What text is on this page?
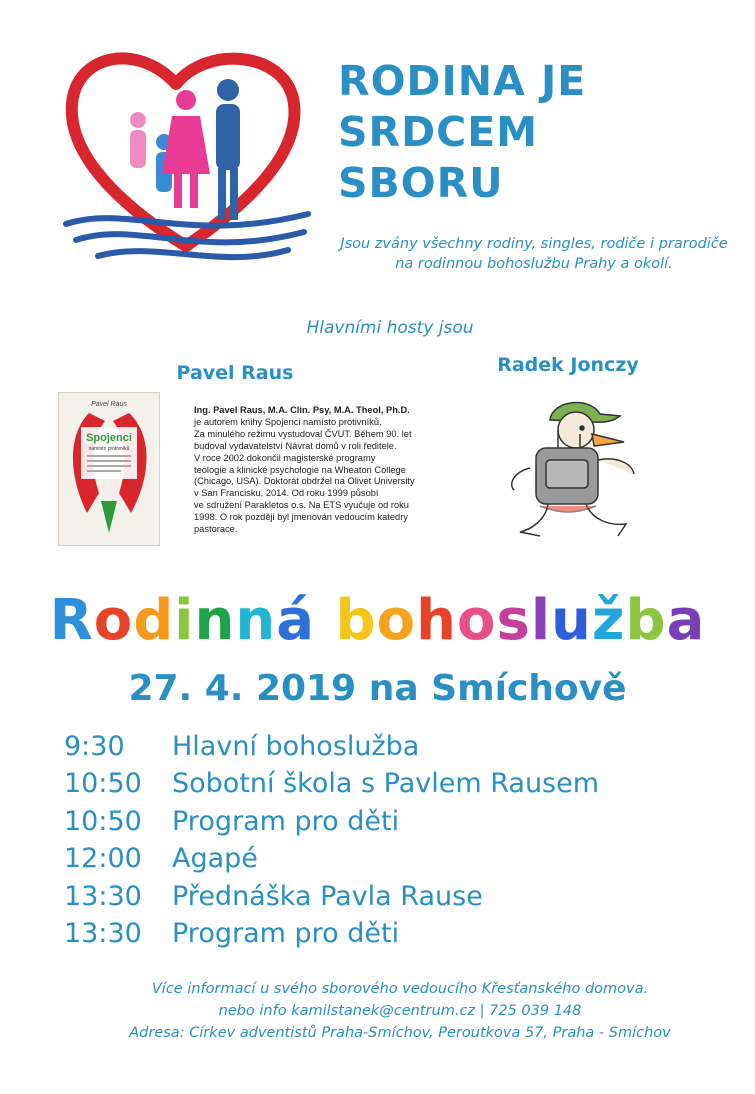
RODINA JE
SRDCEM
SBORU
Jsou zvány všechny rodiny, singles, rodiče i prarodiče
na rodinnou bohoslužbu Prahy a okolí.
Hlavními hosty jsou
Pavel Raus	Radek Jonczy
Pavel Raus
Spojenci
namísto protivníků
Ing. Pavel Raus, M.A. Clin. Psy, M.A. Theol, Ph.D.
je autorem knihy Spojenci namísto protivníků.
Za minulého režimu vystudoval ČVUT. Během 90. let
budoval vydavatelství Návrat domů v roli ředitele.
V roce 2002 dokončil magisterské programy
teologie a klinické psychologie na Wheaton College
(Chicago, USA). Doktorát obdržel na Olivet University
v San Francisku, 2014. Od roku 1999 působí
ve sdružení Parakletos o.s. Na ETS vyučuje od roku
1998. O rok později byl jmenován vedoucím katedry
pastorace.
Rodinná bohoslužba
27. 4. 2019 na Smíchově
9:30 Hlavní bohoslužba
10:50 Sobotní škola s Pavlem Rausem
10:50 Program pro děti
12:00 Agapé
13:30 Přednáška Pavla Rause
13:30 Program pro děti
Více informací u svého sborového vedoucího Křesťanského domova.
nebo info kamilstanek@centrum.cz | 725 039 148
Adresa: Církev adventistů Praha-Smíchov, Peroutkova 57, Praha - Smíchov
